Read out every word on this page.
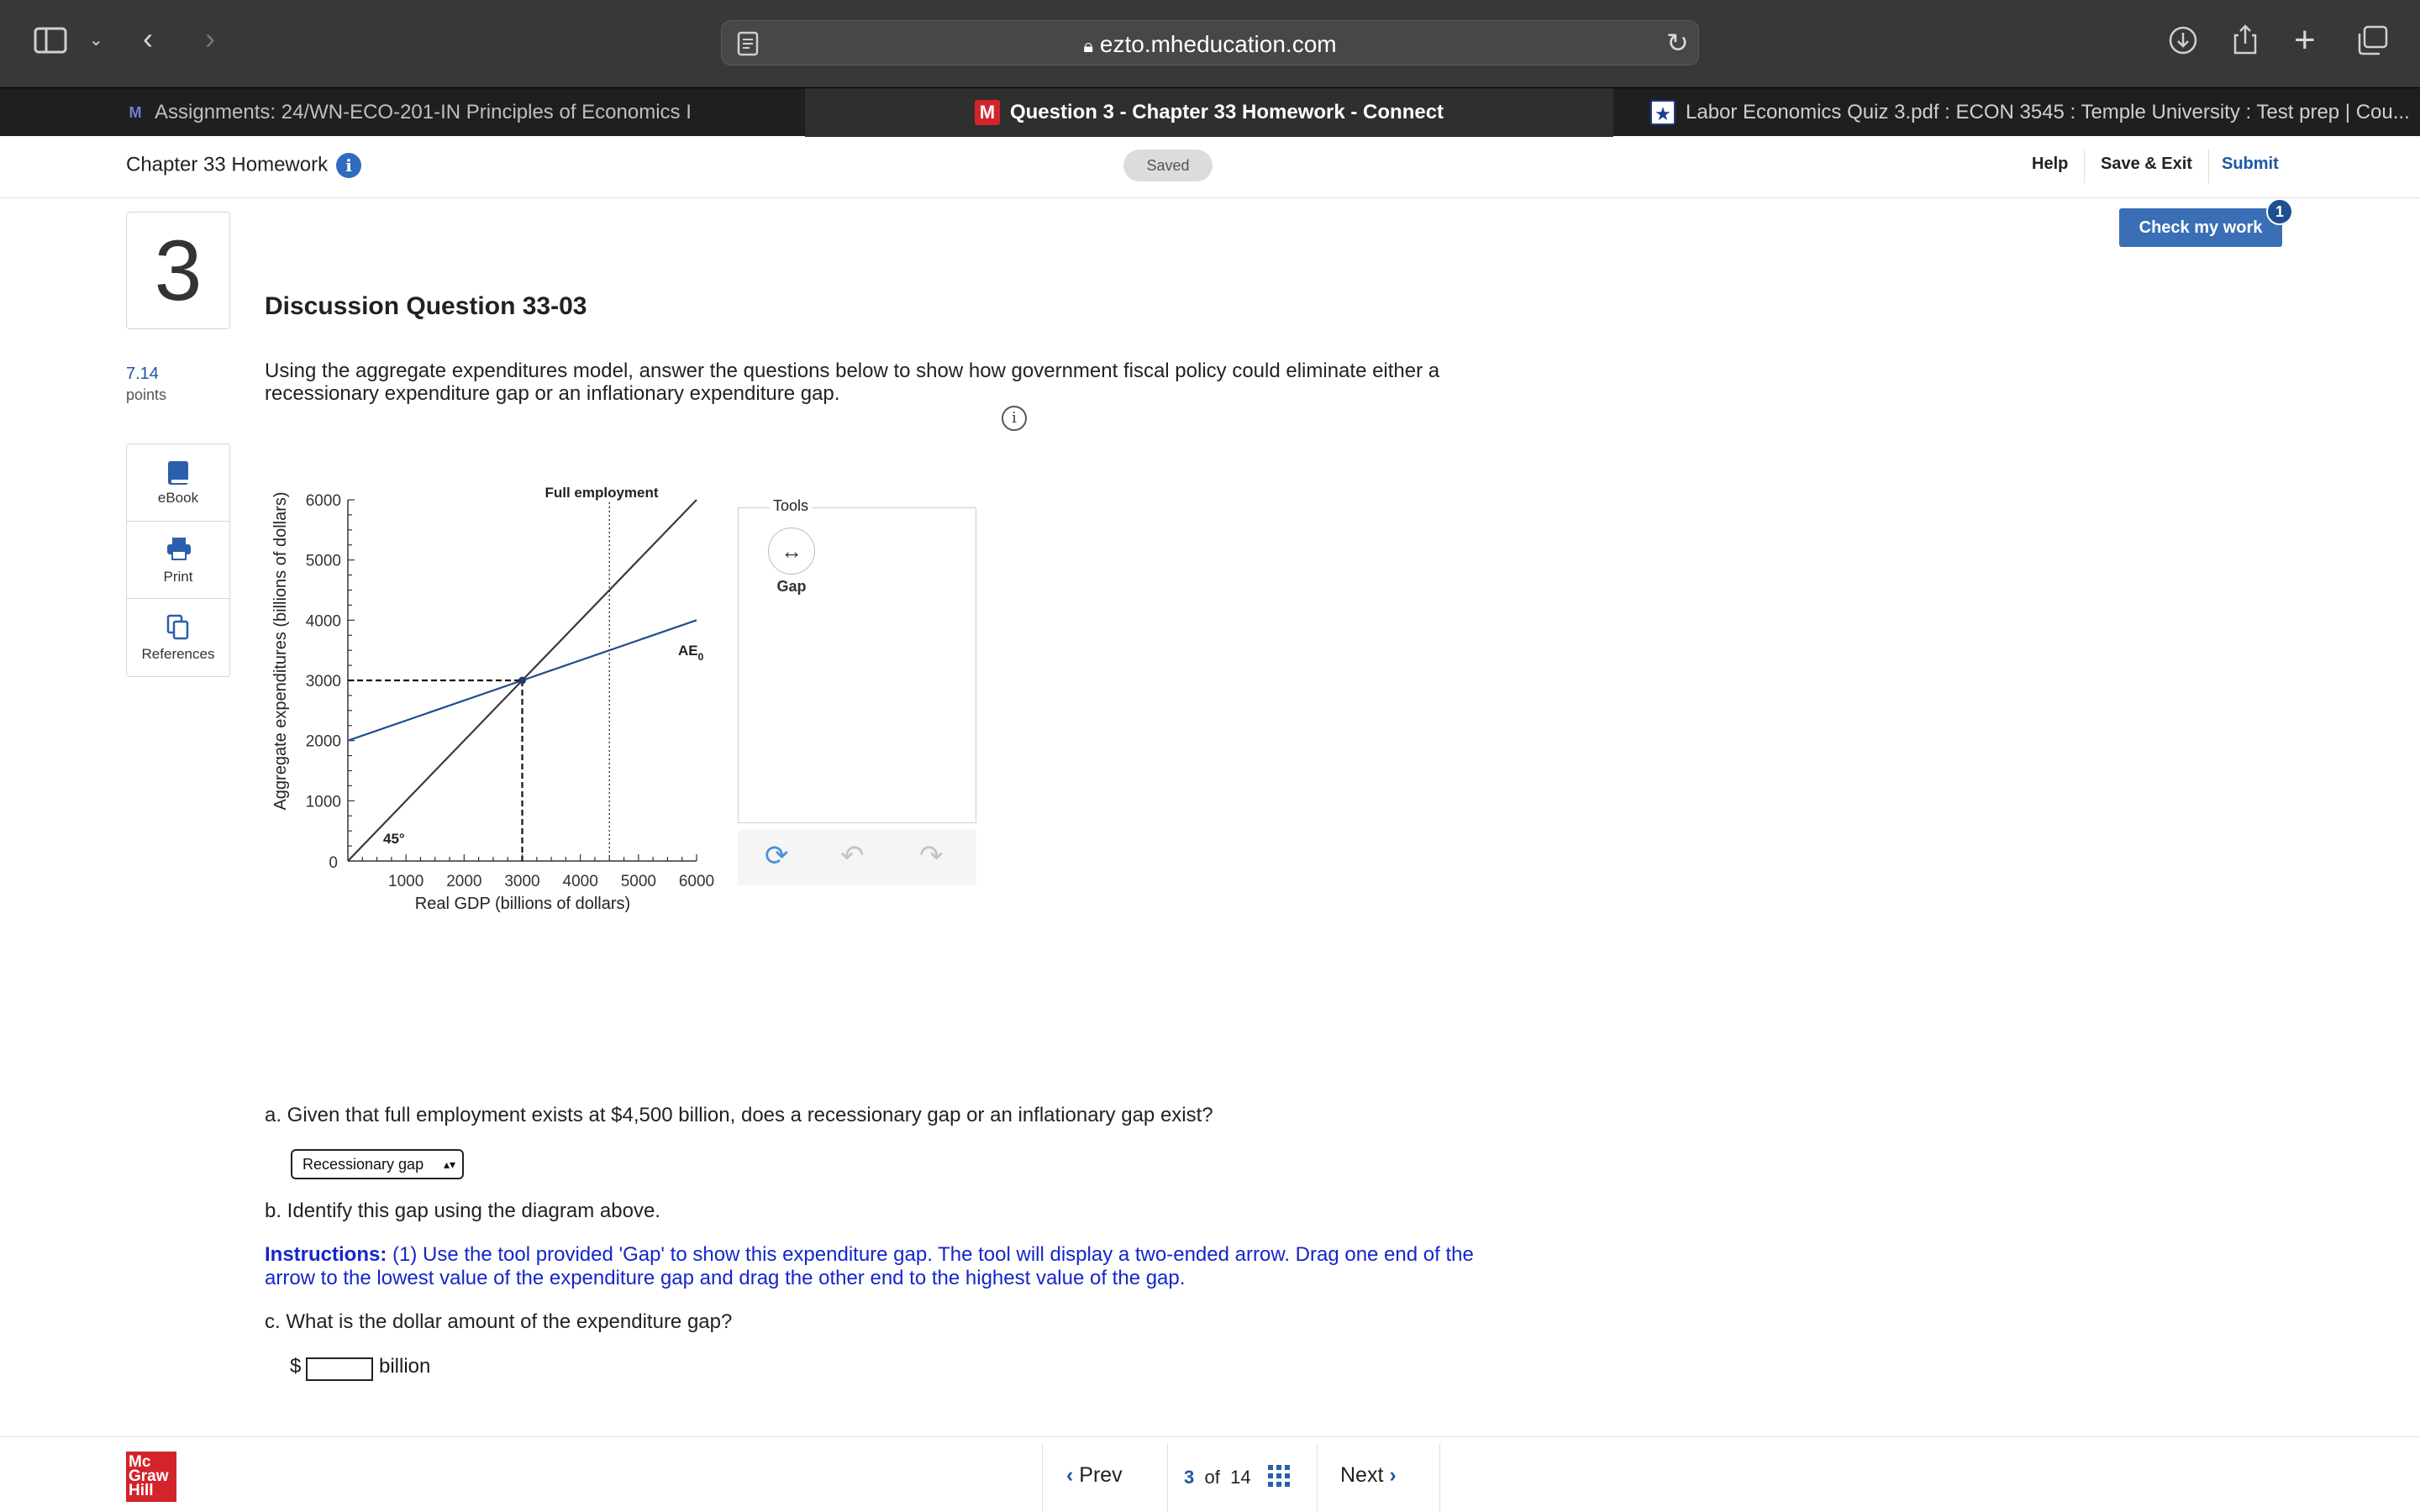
⌄ ‹ ›	🔒︎ ezto.mheducation.com	↻	+
M Assignments: 24/WN-ECO-201-IN Principles of Economics I	M Question 3 - Chapter 33 Homework - Connect	★ Labor Economics Quiz 3.pdf : ECON 3545 : Temple University : Test prep | Cou...
Chapter 33 Homework i	Saved	Help Save & Exit Submit
Check my work
1
3	Discussion Question 33-03
7.14
points
Using the aggregate expenditures model, answer the questions below to show how government fiscal policy could eliminate either a recessionary expenditure gap or an inflationary expenditure gap.
i
eBook
Print
References	Aggregate expenditures (billions of dollars)
Real GDP (billions of dollars)
0
Full employment
45°
$AE_0$
1000 2000 3000 4000 5000 6000
1000
2000
3000
4000
5000
6000	Tools
↔
Gap
⟳ ↶ ↷
a. Given that full employment exists at $4,500 billion, does a recessionary gap or an inflationary gap exist?
Recessionary gap ▴▾
b. Identify this gap using the diagram above.
Instructions: (1) Use the tool provided 'Gap' to show this expenditure gap. The tool will display a two-ended arrow. Drag one end of the arrow to the lowest value of the expenditure gap and drag the other end to the highest value of the gap.
c. What is the dollar amount of the expenditure gap?
$	billion
Mc
Graw
Hill
‹ Prev	3 of 14	Next ›
